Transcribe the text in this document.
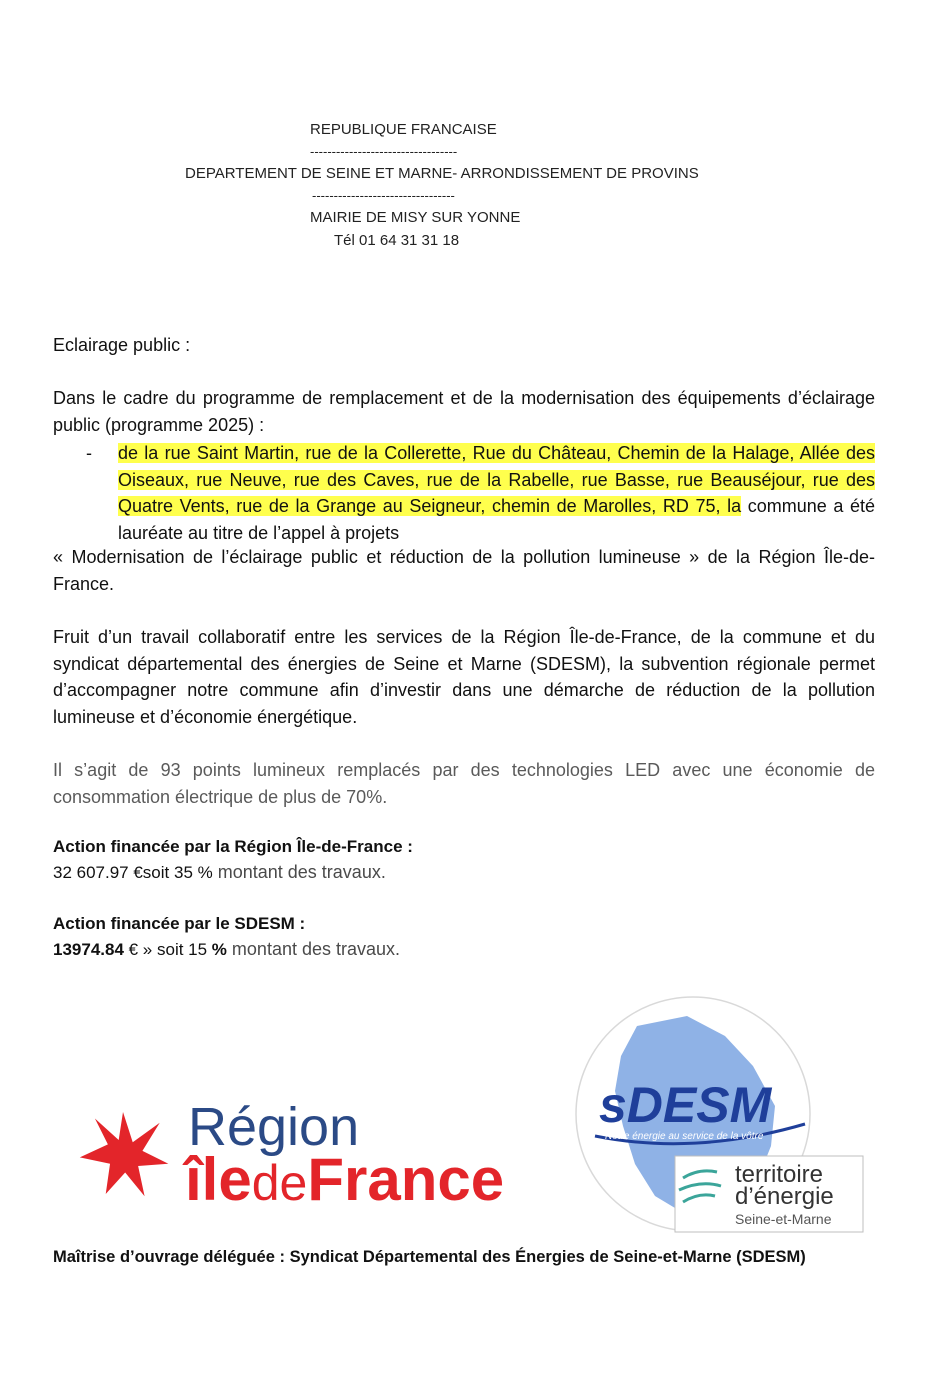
REPUBLIQUE FRANCAISE
----------------------------------
DEPARTEMENT DE SEINE ET MARNE- ARRONDISSEMENT DE PROVINS
---------------------------------
MAIRIE DE MISY SUR YONNE
Tél 01 64 31 31 18
Eclairage public :
Dans le cadre du programme de remplacement et de la modernisation des équipements d’éclairage public (programme 2025) :
- de la rue Saint Martin, rue de la Collerette, Rue du Château, Chemin de la Halage, Allée des Oiseaux, rue Neuve, rue des Caves, rue de la Rabelle, rue Basse, rue Beauséjour, rue des Quatre Vents, rue de la Grange au Seigneur, chemin de Marolles, RD 75, la commune a été lauréate au titre de l’appel à projets
« Modernisation de l’éclairage public et réduction de la pollution lumineuse » de la Région Île-de-France.
Fruit d’un travail collaboratif entre les services de la Région Île-de-France, de la commune et du syndicat départemental des énergies de Seine et Marne (SDESM), la subvention régionale permet d’accompagner notre commune afin d’investir dans une démarche de réduction de la pollution lumineuse et d’économie énergétique.
Il s’agit de 93 points lumineux remplacés par des technologies LED avec une économie de consommation électrique de plus de 70%.
Action financée par la Région Île-de-France :
32 607.97 €soit 35 % montant des travaux.
Action financée par le SDESM :
13974.84 € » soit 15 % montant des travaux.
Région
îledeFrance
sDESM
Notre énergie au service de la vôtre
territoire
d’énergie
Seine-et-Marne
Maîtrise d’ouvrage déléguée : Syndicat Départemental des Énergies de Seine-et-Marne (SDESM)
